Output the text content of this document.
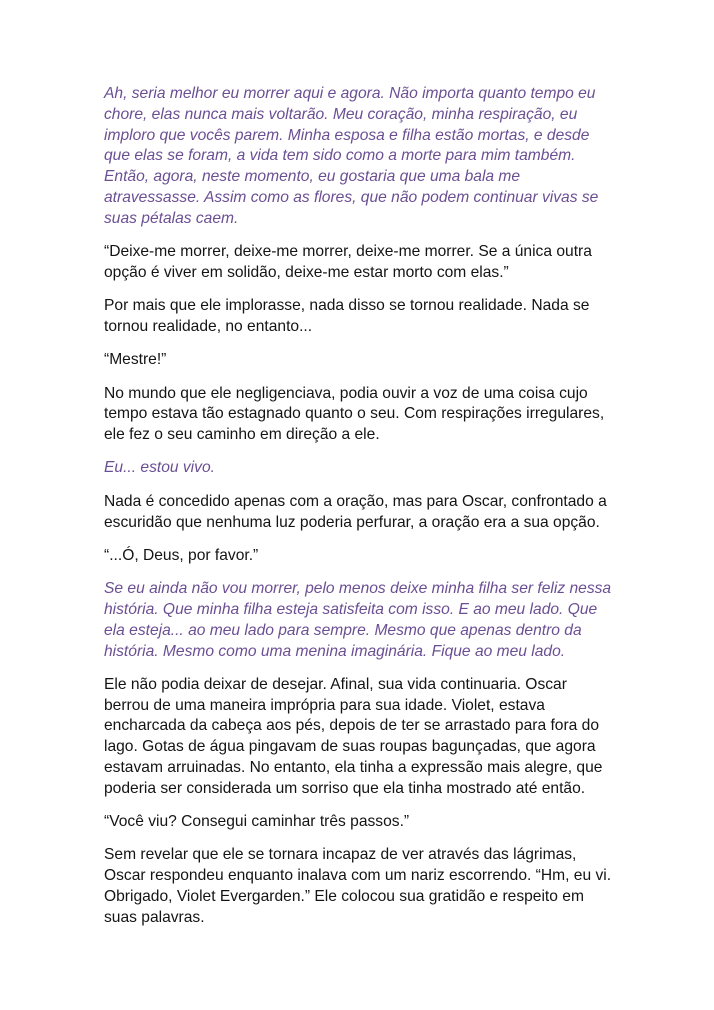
Ah, seria melhor eu morrer aqui e agora. Não importa quanto tempo eu
chore, elas nunca mais voltarão. Meu coração, minha respiração, eu
imploro que vocês parem. Minha esposa e filha estão mortas, e desde
que elas se foram, a vida tem sido como a morte para mim também.
Então, agora, neste momento, eu gostaria que uma bala me
atravessasse. Assim como as flores, que não podem continuar vivas se
suas pétalas caem.

“Deixe-me morrer, deixe-me morrer, deixe-me morrer. Se a única outra
opção é viver em solidão, deixe-me estar morto com elas.”

Por mais que ele implorasse, nada disso se tornou realidade. Nada se
tornou realidade, no entanto...

“Mestre!”

No mundo que ele negligenciava, podia ouvir a voz de uma coisa cujo
tempo estava tão estagnado quanto o seu. Com respirações irregulares,
ele fez o seu caminho em direção a ele.

Eu... estou vivo.

Nada é concedido apenas com a oração, mas para Oscar, confrontado a
escuridão que nenhuma luz poderia perfurar, a oração era a sua opção.

“...Ó, Deus, por favor.”

Se eu ainda não vou morrer, pelo menos deixe minha filha ser feliz nessa
história. Que minha filha esteja satisfeita com isso. E ao meu lado. Que
ela esteja... ao meu lado para sempre. Mesmo que apenas dentro da
história. Mesmo como uma menina imaginária. Fique ao meu lado.

Ele não podia deixar de desejar. Afinal, sua vida continuaria. Oscar
berrou de uma maneira imprópria para sua idade. Violet, estava
encharcada da cabeça aos pés, depois de ter se arrastado para fora do
lago. Gotas de água pingavam de suas roupas bagunçadas, que agora
estavam arruinadas. No entanto, ela tinha a expressão mais alegre, que
poderia ser considerada um sorriso que ela tinha mostrado até então.

“Você viu? Consegui caminhar três passos.”

Sem revelar que ele se tornara incapaz de ver através das lágrimas,
Oscar respondeu enquanto inalava com um nariz escorrendo. “Hm, eu vi.
Obrigado, Violet Evergarden.” Ele colocou sua gratidão e respeito em
suas palavras.
